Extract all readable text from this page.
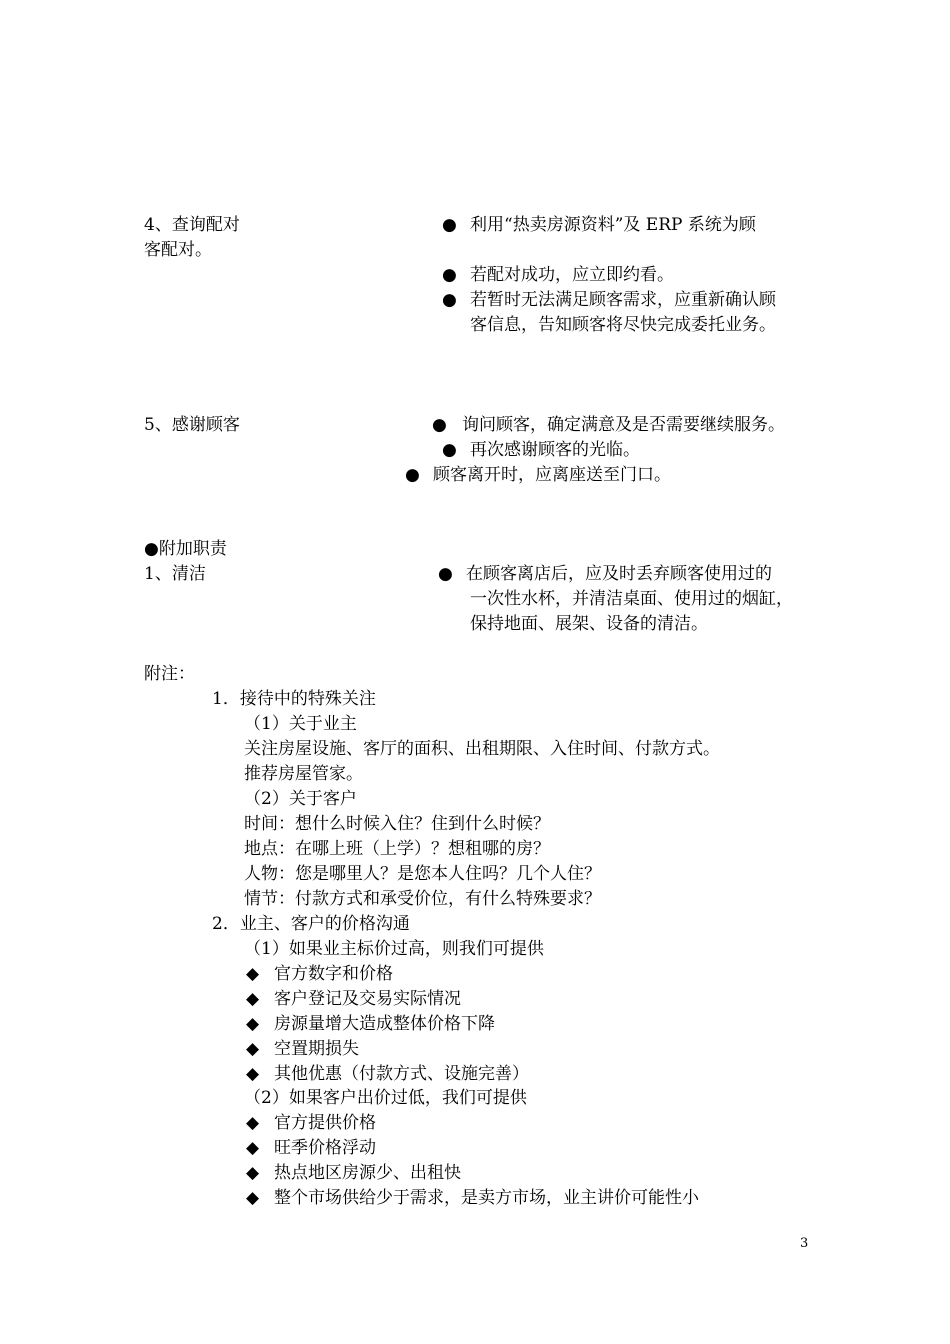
4、查询配对	● 利用“热卖房源资料”及 ERP 系统为顾
客配对。
● 若配对成功，应立即约看。
● 若暂时无法满足顾客需求，应重新确认顾
客信息，告知顾客将尽快完成委托业务。
5、感谢顾客	● 询问顾客，确定满意及是否需要继续服务。
● 再次感谢顾客的光临。
● 顾客离开时，应离座送至门口。
●附加职责
1、清洁	● 在顾客离店后，应及时丢弃顾客使用过的
一次性水杯，并清洁桌面、使用过的烟缸，
保持地面、展架、设备的清洁。
附注：
1．接待中的特殊关注
（1）关于业主
关注房屋设施、客厅的面积、出租期限、入住时间、付款方式。
推荐房屋管家。
（2）关于客户
时间：想什么时候入住？住到什么时候？
地点：在哪上班（上学）？想租哪的房？
人物：您是哪里人？是您本人住吗？几个人住？
情节：付款方式和承受价位，有什么特殊要求？
2．业主、客户的价格沟通
（1）如果业主标价过高，则我们可提供
◆ 官方数字和价格
◆ 客户登记及交易实际情况
◆ 房源量增大造成整体价格下降
◆ 空置期损失
◆ 其他优惠（付款方式、设施完善）
（2）如果客户出价过低，我们可提供
◆ 官方提供价格
◆ 旺季价格浮动
◆ 热点地区房源少、出租快
◆ 整个市场供给少于需求，是卖方市场，业主讲价可能性小
3
